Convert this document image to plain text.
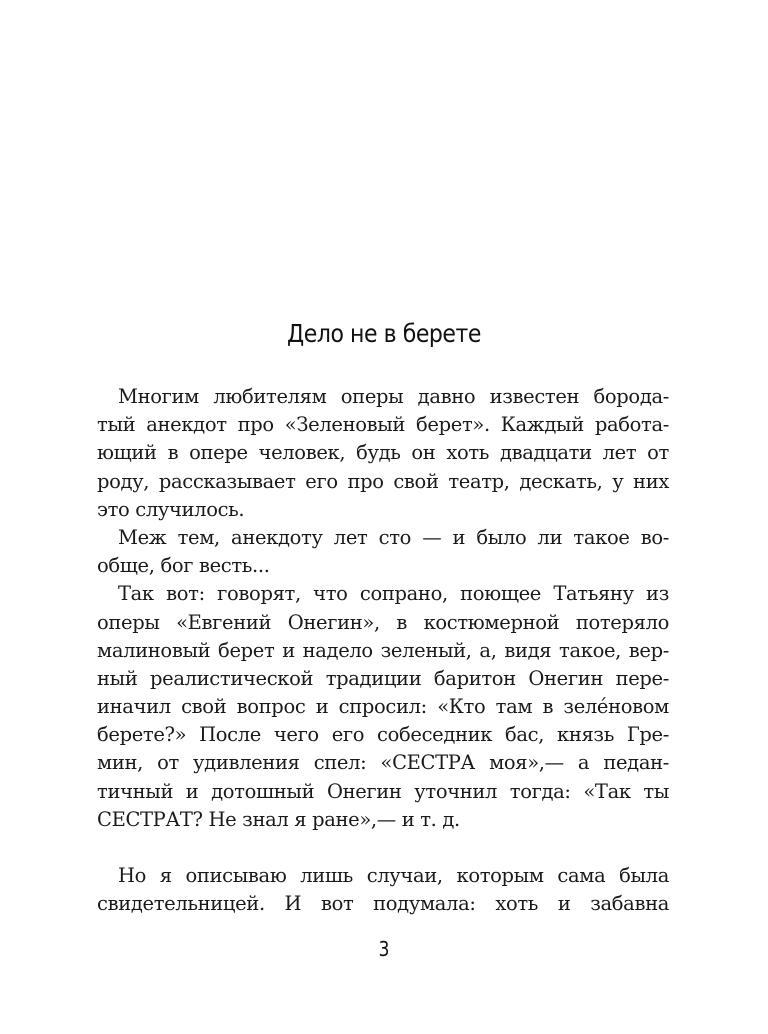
Дело не в берете
Многим любителям оперы давно известен борода-
тый анекдот про «Зеленовый берет». Каждый работа-
ющий в опере человек, будь он хоть двадцати лет от
роду, рассказывает его про свой театр, дескать, у них
это случилось.
Меж тем, анекдоту лет сто — и было ли такое во-
обще, бог весть...
Так вот: говорят, что сопрано, поющее Татьяну из
оперы «Евгений Онегин», в костюмерной потеряло
малиновый берет и надело зеленый, а, видя такое, вер-
ный реалистической традиции баритон Онегин пере-
иначил свой вопрос и спросил: «Кто там в зелéновом
берете?» После чего его собеседник бас, князь Гре-
мин, от удивления спел: «СЕСТРА моя»,— а педан-
тичный и дотошный Онегин уточнил тогда: «Так ты
СЕСТРАТ? Не знал я ране»,— и т. д.
Но я описываю лишь случаи, которым сама была
свидетельницей. И вот подумала: хоть и забавна
3
